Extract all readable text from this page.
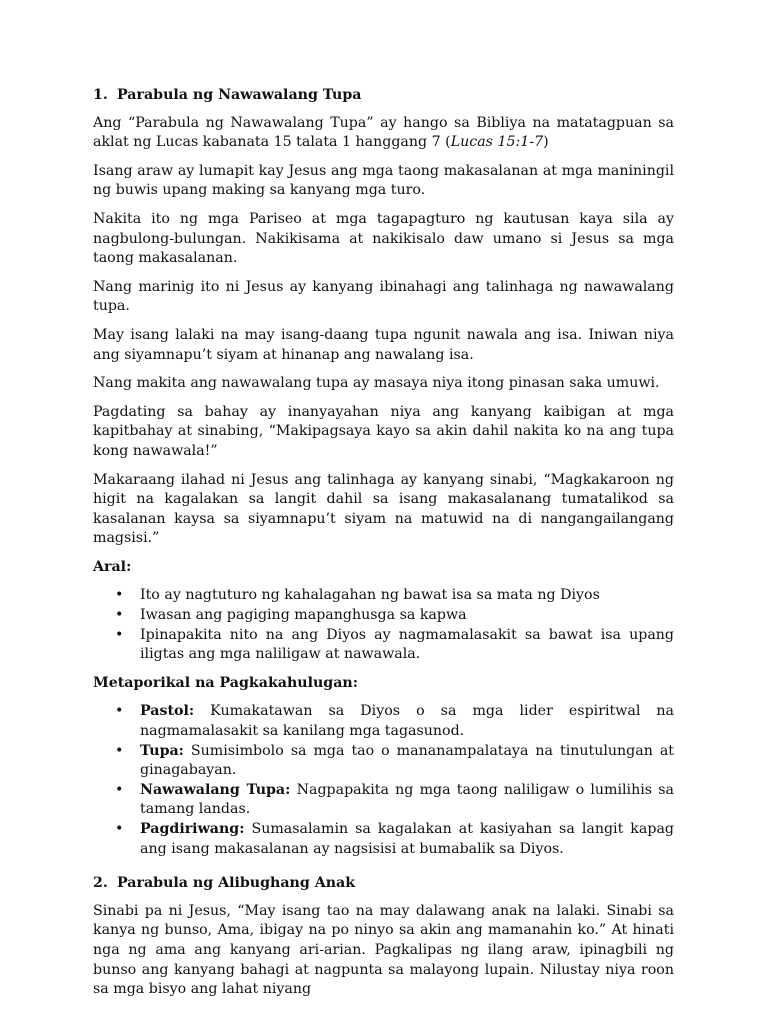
1. Parabula ng Nawawalang Tupa

Ang “Parabula ng Nawawalang Tupa” ay hango sa Bibliya na matatagpuan sa aklat ng Lucas kabanata 15 talata 1 hanggang 7 (Lucas 15:1-7)

Isang araw ay lumapit kay Jesus ang mga taong makasalanan at mga maniningil ng buwis upang making sa kanyang mga turo.

Nakita ito ng mga Pariseo at mga tagapagturo ng kautusan kaya sila ay nagbulong-bulungan. Nakikisama at nakikisalo daw umano si Jesus sa mga taong makasalanan.

Nang marinig ito ni Jesus ay kanyang ibinahagi ang talinhaga ng nawawalang tupa.

May isang lalaki na may isang-daang tupa ngunit nawala ang isa. Iniwan niya ang siyamnapu’t siyam at hinanap ang nawalang isa.

Nang makita ang nawawalang tupa ay masaya niya itong pinasan saka umuwi.

Pagdating sa bahay ay inanyayahan niya ang kanyang kaibigan at mga kapitbahay at sinabing, “Makipagsaya kayo sa akin dahil nakita ko na ang tupa kong nawawala!”

Makaraang ilahad ni Jesus ang talinhaga ay kanyang sinabi, “Magkakaroon ng higit na kagalakan sa langit dahil sa isang makasalanang tumatalikod sa kasalanan kaysa sa siyamnapu’t siyam na matuwid na di nangangailangang magsisi.”

Aral:
• Ito ay nagtuturo ng kahalagahan ng bawat isa sa mata ng Diyos
• Iwasan ang pagiging mapanghusga sa kapwa
• Ipinapakita nito na ang Diyos ay nagmamalasakit sa bawat isa upang iligtas ang mga naliligaw at nawawala.
Metaporikal na Pagkakahulugan:
• Pastol: Kumakatawan sa Diyos o sa mga lider espiritwal na nagmamalasakit sa kanilang mga tagasunod.
• Tupa: Sumisimbolo sa mga tao o mananampalataya na tinutulungan at ginagabayan.
• Nawawalang Tupa: Nagpapakita ng mga taong naliligaw o lumilihis sa tamang landas.
• Pagdiriwang: Sumasalamin sa kagalakan at kasiyahan sa langit kapag ang isang makasalanan ay nagsisisi at bumabalik sa Diyos.
2. Parabula ng Alibughang Anak

Sinabi pa ni Jesus, “May isang tao na may dalawang anak na lalaki. Sinabi sa kanya ng bunso, Ama, ibigay na po ninyo sa akin ang mamanahin ko.” At hinati nga ng ama ang kanyang ari-arian. Pagkalipas ng ilang araw, ipinagbili ng bunso ang kanyang bahagi at nagpunta sa malayong lupain. Nilustay niya roon sa mga bisyo ang lahat niyang
